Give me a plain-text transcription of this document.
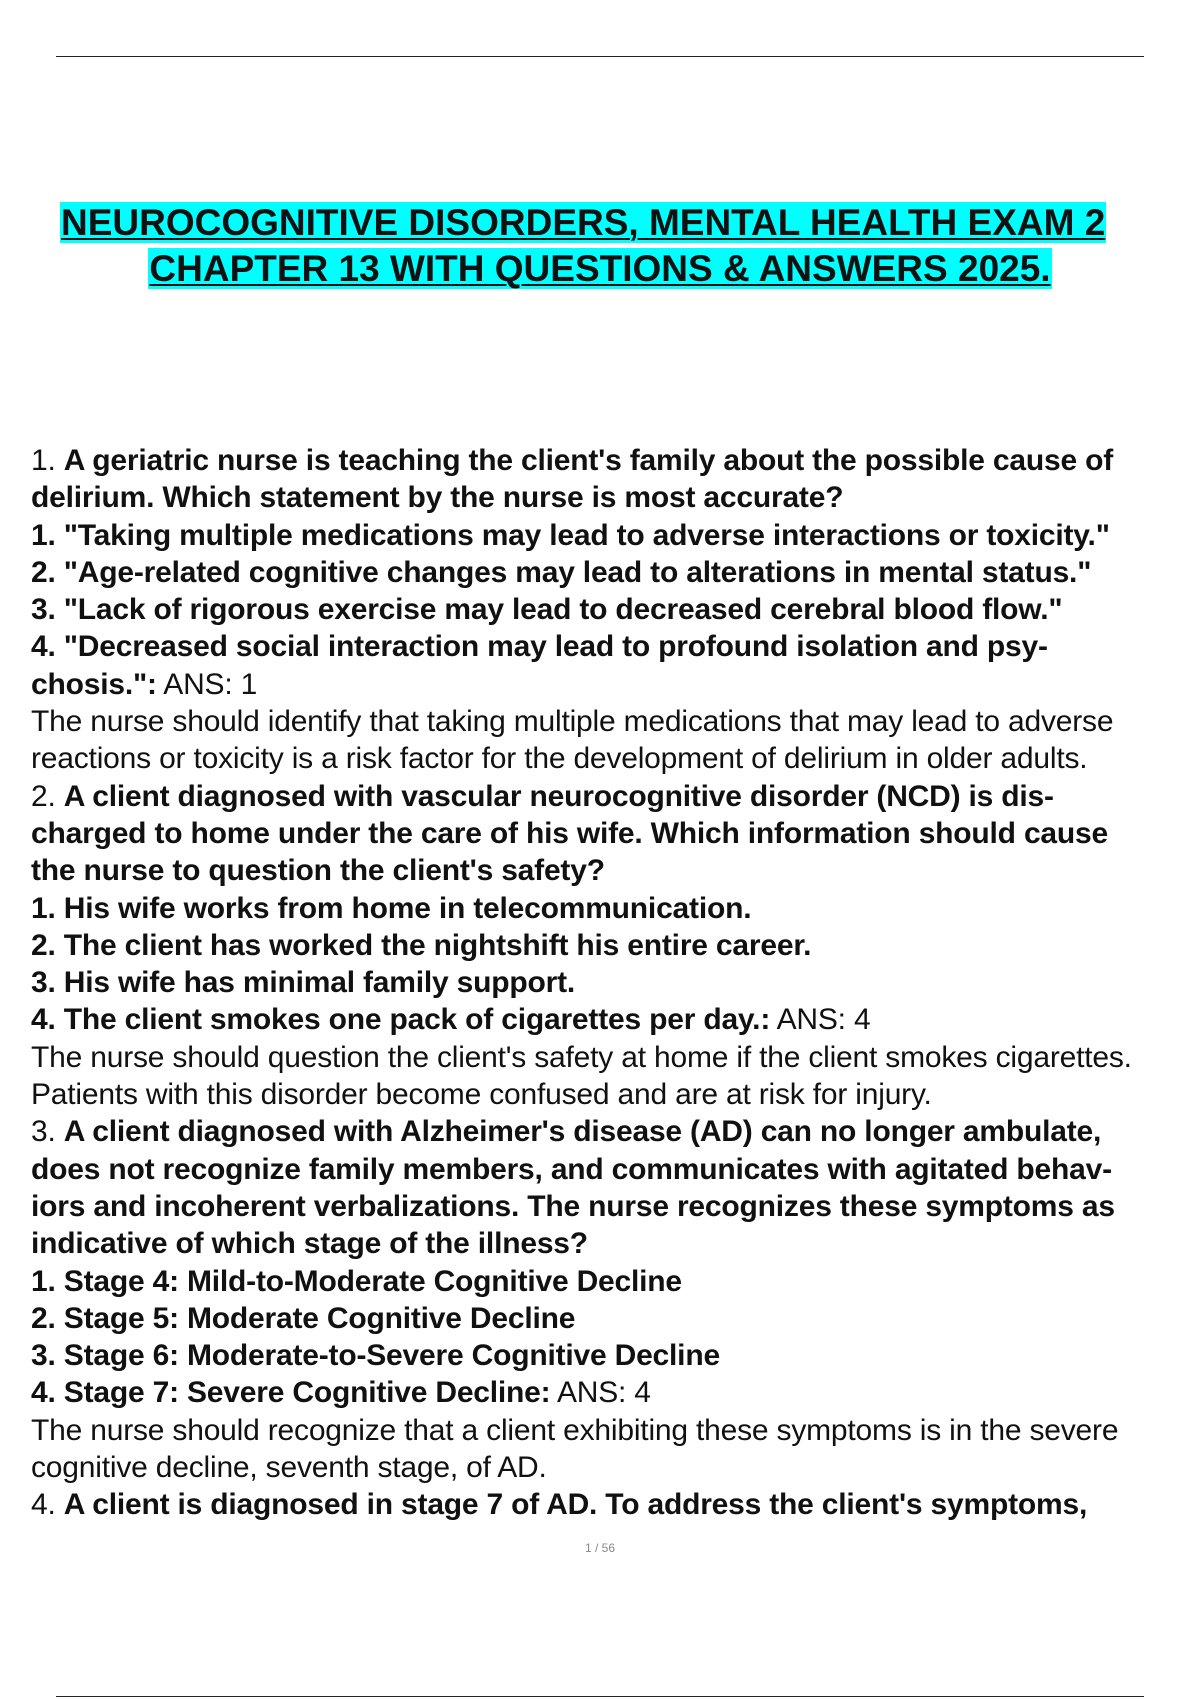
NEUROCOGNITIVE DISORDERS, MENTAL HEALTH EXAM 2
CHAPTER 13 WITH QUESTIONS & ANSWERS 2025.
1. A geriatric nurse is teaching the client's family about the possible cause of
delirium. Which statement by the nurse is most accurate?
1. "Taking multiple medications may lead to adverse interactions or toxicity."
2. "Age-related cognitive changes may lead to alterations in mental status."
3. "Lack of rigorous exercise may lead to decreased cerebral blood flow."
4. "Decreased social interaction may lead to profound isolation and psy-
chosis.": ANS: 1
The nurse should identify that taking multiple medications that may lead to adverse
reactions or toxicity is a risk factor for the development of delirium in older adults.
2. A client diagnosed with vascular neurocognitive disorder (NCD) is dis-
charged to home under the care of his wife. Which information should cause
the nurse to question the client's safety?
1. His wife works from home in telecommunication.
2. The client has worked the nightshift his entire career.
3. His wife has minimal family support.
4. The client smokes one pack of cigarettes per day.: ANS: 4
The nurse should question the client's safety at home if the client smokes cigarettes.
Patients with this disorder become confused and are at risk for injury.
3. A client diagnosed with Alzheimer's disease (AD) can no longer ambulate,
does not recognize family members, and communicates with agitated behav-
iors and incoherent verbalizations. The nurse recognizes these symptoms as
indicative of which stage of the illness?
1. Stage 4: Mild-to-Moderate Cognitive Decline
2. Stage 5: Moderate Cognitive Decline
3. Stage 6: Moderate-to-Severe Cognitive Decline
4. Stage 7: Severe Cognitive Decline: ANS: 4
The nurse should recognize that a client exhibiting these symptoms is in the severe
cognitive decline, seventh stage, of AD.
4. A client is diagnosed in stage 7 of AD. To address the client's symptoms,
1 / 56
